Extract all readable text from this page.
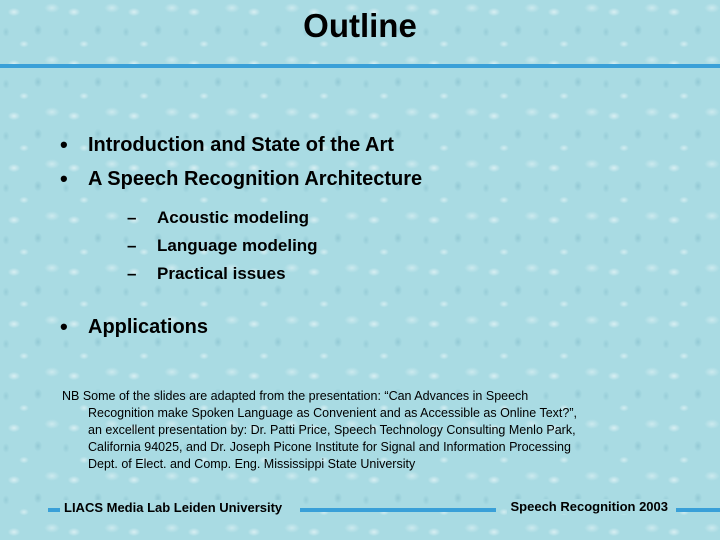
Outline
• Introduction and State of the Art
• A Speech Recognition Architecture
– Acoustic modeling
– Language modeling
– Practical issues
• Applications

NB Some of the slides are adapted from the presentation: “Can Advances in Speech
Recognition make Spoken Language as Convenient and as Accessible as Online Text?”,
an excellent presentation by: Dr. Patti Price, Speech Technology Consulting Menlo Park,
California 94025, and Dr. Joseph Picone Institute for Signal and Information Processing
Dept. of Elect. and Comp. Eng. Mississippi State University

LIACS Media Lab Leiden University	Speech Recognition 2003
